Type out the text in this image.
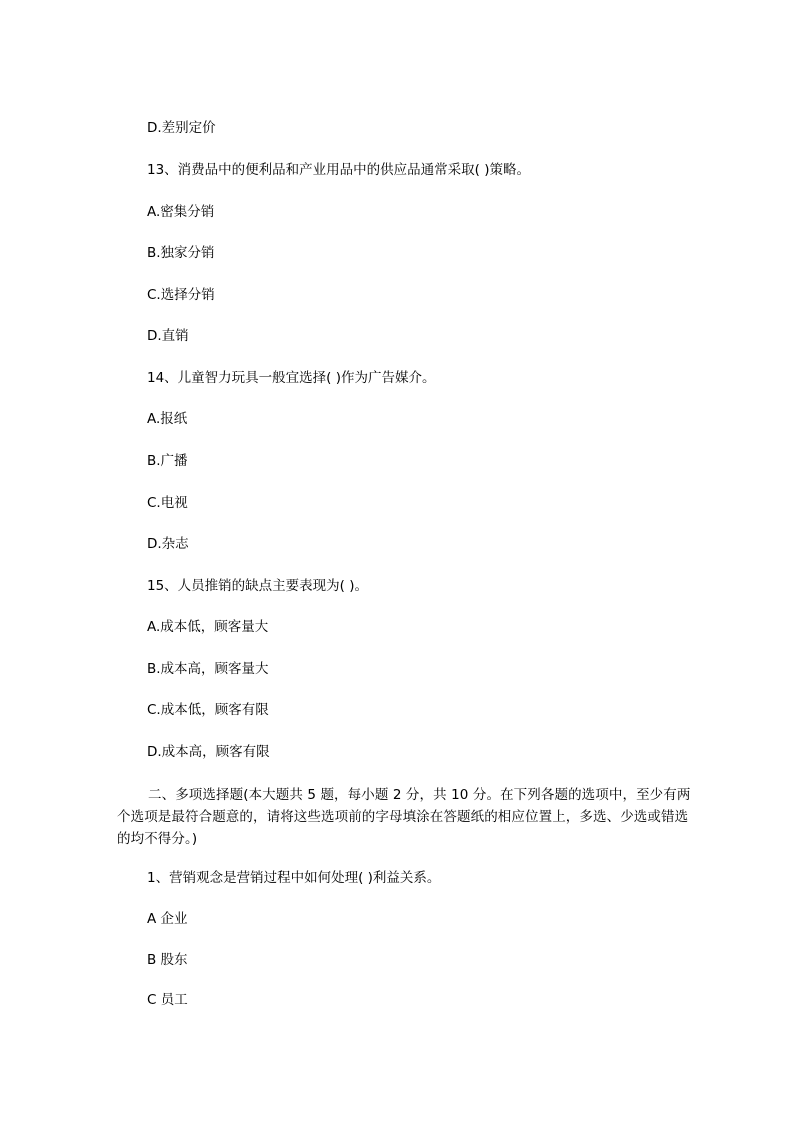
D.差别定价
13、消费品中的便利品和产业用品中的供应品通常采取( )策略。
A.密集分销
B.独家分销
C.选择分销
D.直销
14、儿童智力玩具一般宜选择( )作为广告媒介。
A.报纸
B.广播
C.电视
D.杂志
15、人员推销的缺点主要表现为( )。
A.成本低，顾客量大
B.成本高，顾客量大
C.成本低，顾客有限
D.成本高，顾客有限
二、多项选择题(本大题共 5 题，每小题 2 分，共 10 分。在下列各题的选项中，至少有两个选项是最符合题意的，请将这些选项前的字母填涂在答题纸的相应位置上，多选、少选或错选的均不得分。)
1、营销观念是营销过程中如何处理( )利益关系。
A 企业
B 股东
C 员工
